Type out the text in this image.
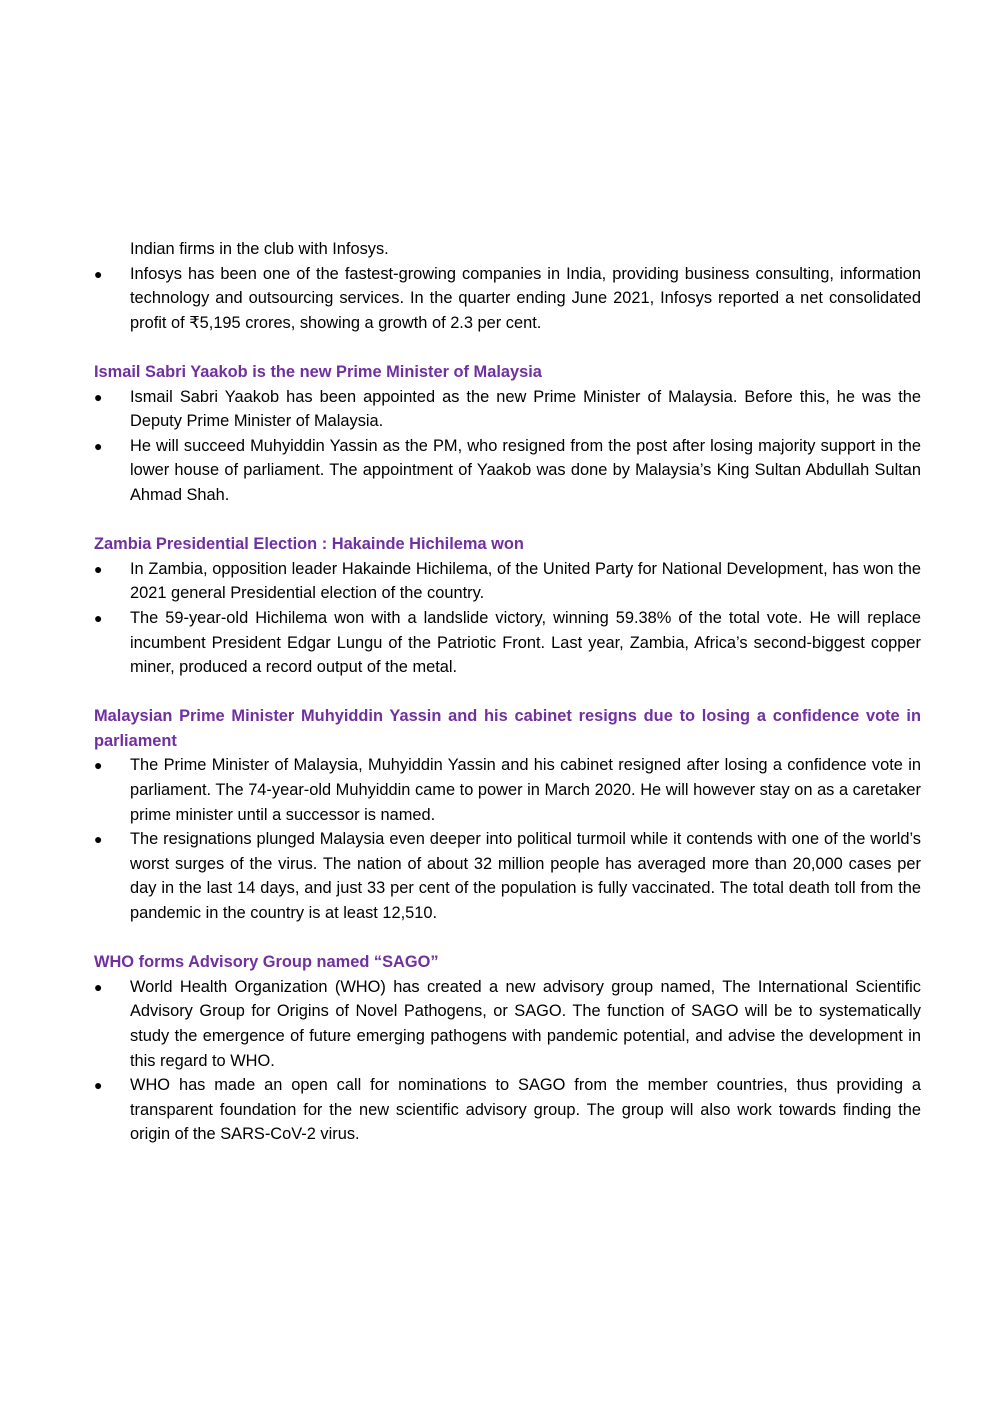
Indian firms in the club with Infosys.

●	Infosys has been one of the fastest-growing companies in India, providing business consulting, information technology and outsourcing services. In the quarter ending June 2021, Infosys reported a net consolidated profit of ₹5,195 crores, showing a growth of 2.3 per cent.

Ismail Sabri Yaakob is the new Prime Minister of Malaysia

●	Ismail Sabri Yaakob has been appointed as the new Prime Minister of Malaysia. Before this, he was the Deputy Prime Minister of Malaysia.
●	He will succeed Muhyiddin Yassin as the PM, who resigned from the post after losing majority support in the lower house of parliament. The appointment of Yaakob was done by Malaysia’s King Sultan Abdullah Sultan Ahmad Shah.

Zambia Presidential Election : Hakainde Hichilema won

●	In Zambia, opposition leader Hakainde Hichilema, of the United Party for National Development, has won the 2021 general Presidential election of the country.
●	The 59-year-old Hichilema won with a landslide victory, winning 59.38% of the total vote. He will replace incumbent President Edgar Lungu of the Patriotic Front. Last year, Zambia, Africa’s second-biggest copper miner, produced a record output of the metal.

Malaysian Prime Minister Muhyiddin Yassin and his cabinet resigns due to losing a confidence vote in parliament

●	The Prime Minister of Malaysia, Muhyiddin Yassin and his cabinet resigned after losing a confidence vote in parliament. The 74-year-old Muhyiddin came to power in March 2020. He will however stay on as a caretaker prime minister until a successor is named.
●	The resignations plunged Malaysia even deeper into political turmoil while it contends with one of the world’s worst surges of the virus. The nation of about 32 million people has averaged more than 20,000 cases per day in the last 14 days, and just 33 per cent of the population is fully vaccinated. The total death toll from the pandemic in the country is at least 12,510.

WHO forms Advisory Group named “SAGO”

●	World Health Organization (WHO) has created a new advisory group named, The International Scientific Advisory Group for Origins of Novel Pathogens, or SAGO. The function of SAGO will be to systematically study the emergence of future emerging pathogens with pandemic potential, and advise the development in this regard to WHO.
●	WHO has made an open call for nominations to SAGO from the member countries, thus providing a transparent foundation for the new scientific advisory group. The group will also work towards finding the origin of the SARS-CoV-2 virus.
